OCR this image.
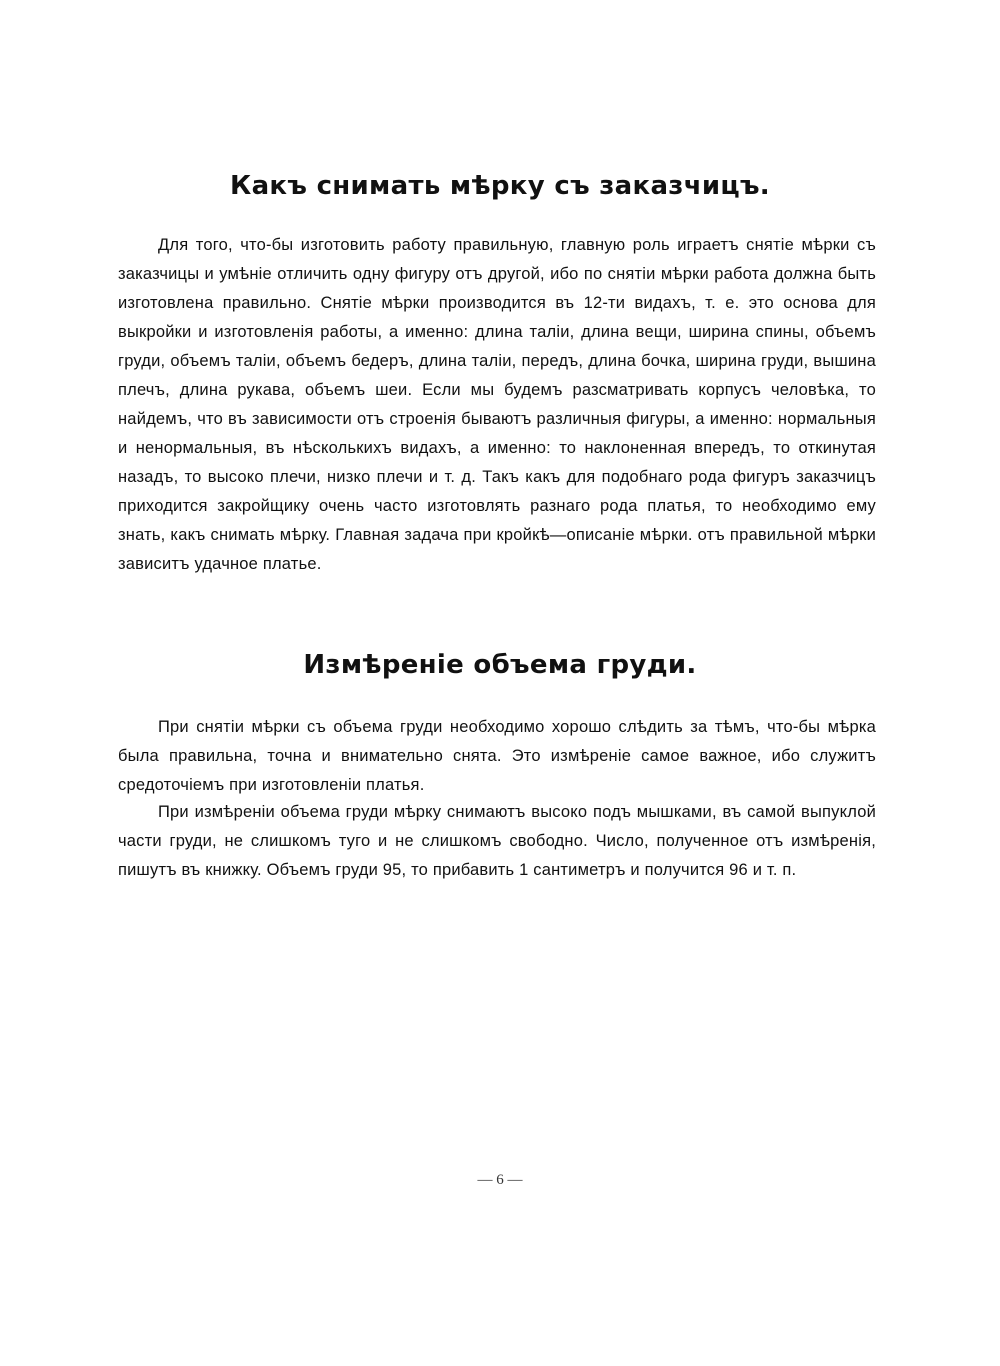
Какъ снимать мѣрку съ заказчицъ.

Для того, что-бы изготовить работу правильную, главную роль играетъ снятіе мѣрки съ заказчицы и умѣніе отличить одну фигуру отъ другой, ибо по снятіи мѣрки работа должна быть изготовлена правильно. Снятіе мѣрки производится въ 12-ти видахъ, т. е. это основа для выкройки и изготовленія работы, а именно: длина таліи, длина вещи, ширина спины, объемъ груди, объемъ таліи, объемъ бедеръ, длина таліи, передъ, длина бочка, ширина груди, вышина плечъ, длина рукава, объемъ шеи. Если мы будемъ разсматривать корпусъ человѣка, то найдемъ, что въ зависимости отъ строенія бываютъ различныя фигуры, а именно: нормальныя и ненормальныя, въ нѣсколькихъ видахъ, а именно: то наклоненная впередъ, то откинутая назадъ, то высоко плечи, низко плечи и т. д. Такъ какъ для подобнаго рода фигуръ заказчицъ приходится закройщику очень часто изготовлять разнаго рода платья, то необходимо ему знать, какъ снимать мѣрку. Главная задача при кройкѣ—описаніе мѣрки. отъ правильной мѣрки зависитъ удачное платье.

Измѣреніе объема груди.

При снятіи мѣрки съ объема груди необходимо хорошо слѣдить за тѣмъ, что-бы мѣрка была правильна, точна и внимательно снята. Это измѣреніе самое важное, ибо служитъ средоточіемъ при изготовленіи платья.

При измѣреніи объема груди мѣрку снимаютъ высоко подъ мышками, въ самой выпуклой части груди, не слишкомъ туго и не слишкомъ свободно. Число, полученное отъ измѣренія, пишутъ въ книжку. Объемъ груди 95, то прибавить 1 сантиметръ и получится 96 и т. п.

— 6 —
